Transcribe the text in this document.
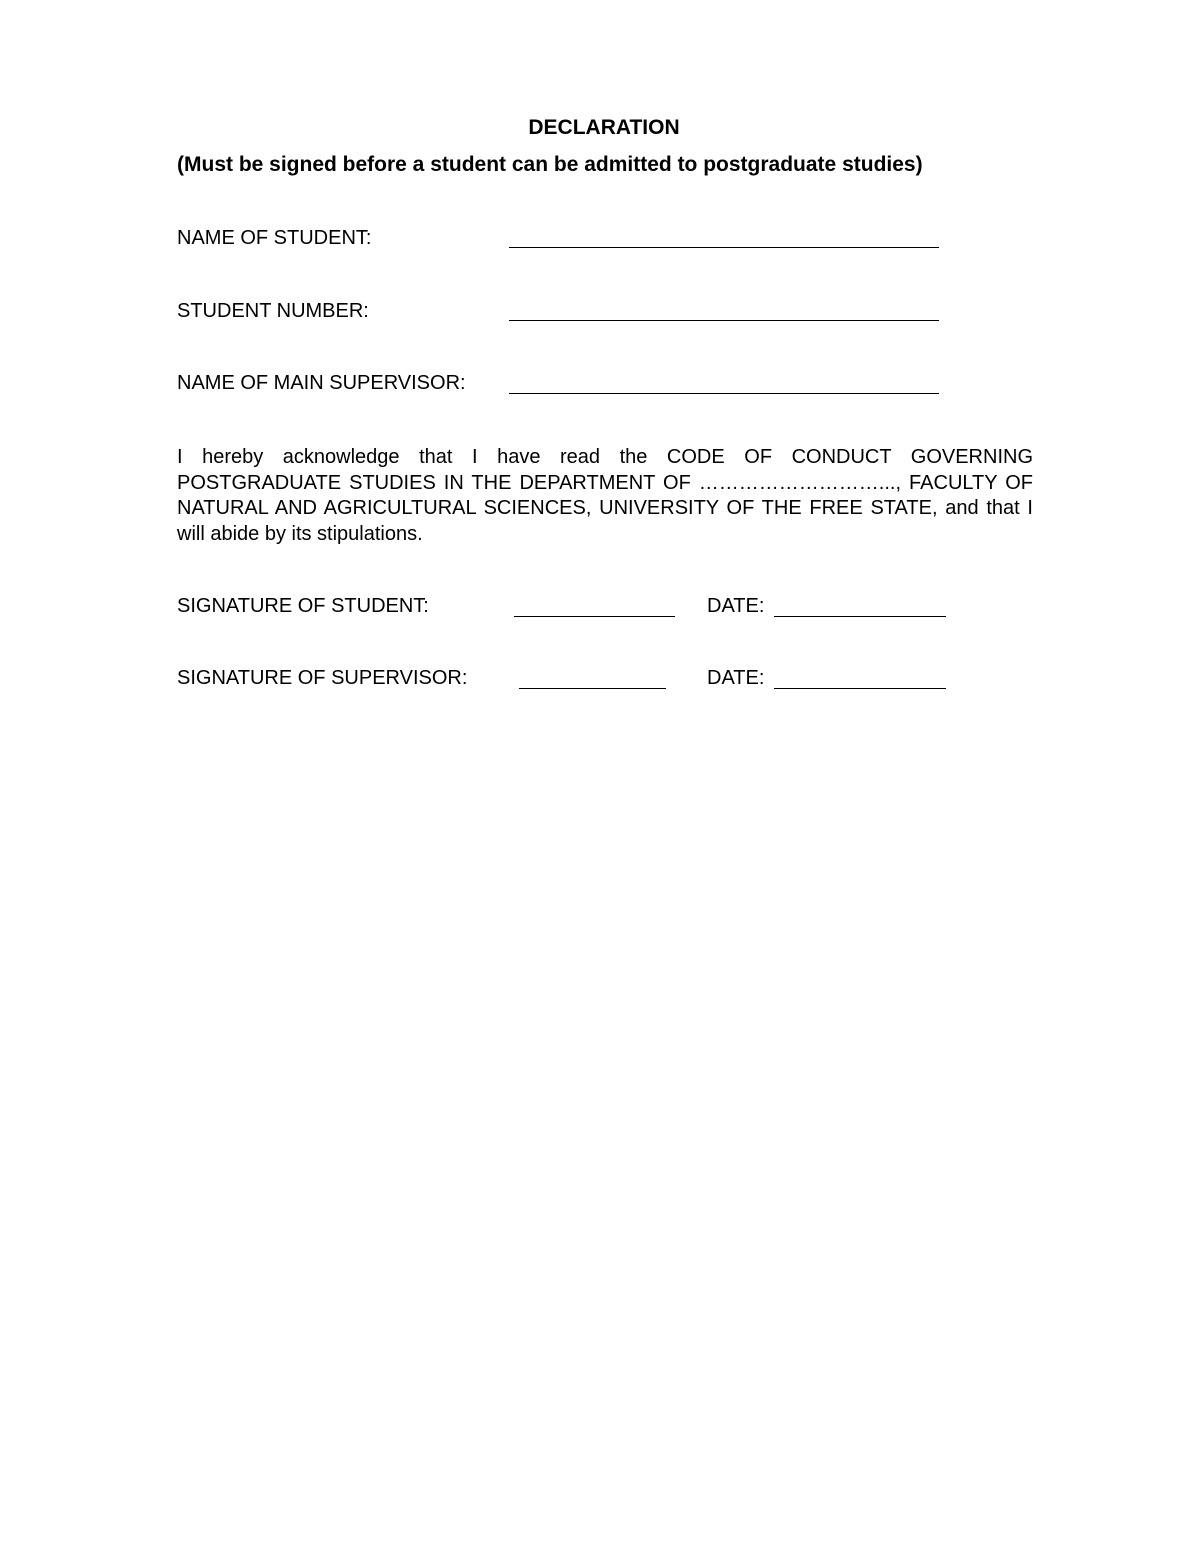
DECLARATION
(Must be signed before a student can be admitted to postgraduate studies)
NAME OF STUDENT:
STUDENT NUMBER:
NAME OF MAIN SUPERVISOR:
I hereby acknowledge that I have read the CODE OF CONDUCT GOVERNING POSTGRADUATE STUDIES IN THE DEPARTMENT OF ………………………..., FACULTY OF NATURAL AND AGRICULTURAL SCIENCES, UNIVERSITY OF THE FREE STATE, and that I will abide by its stipulations.
SIGNATURE OF STUDENT:	DATE:
SIGNATURE OF SUPERVISOR:	DATE:
